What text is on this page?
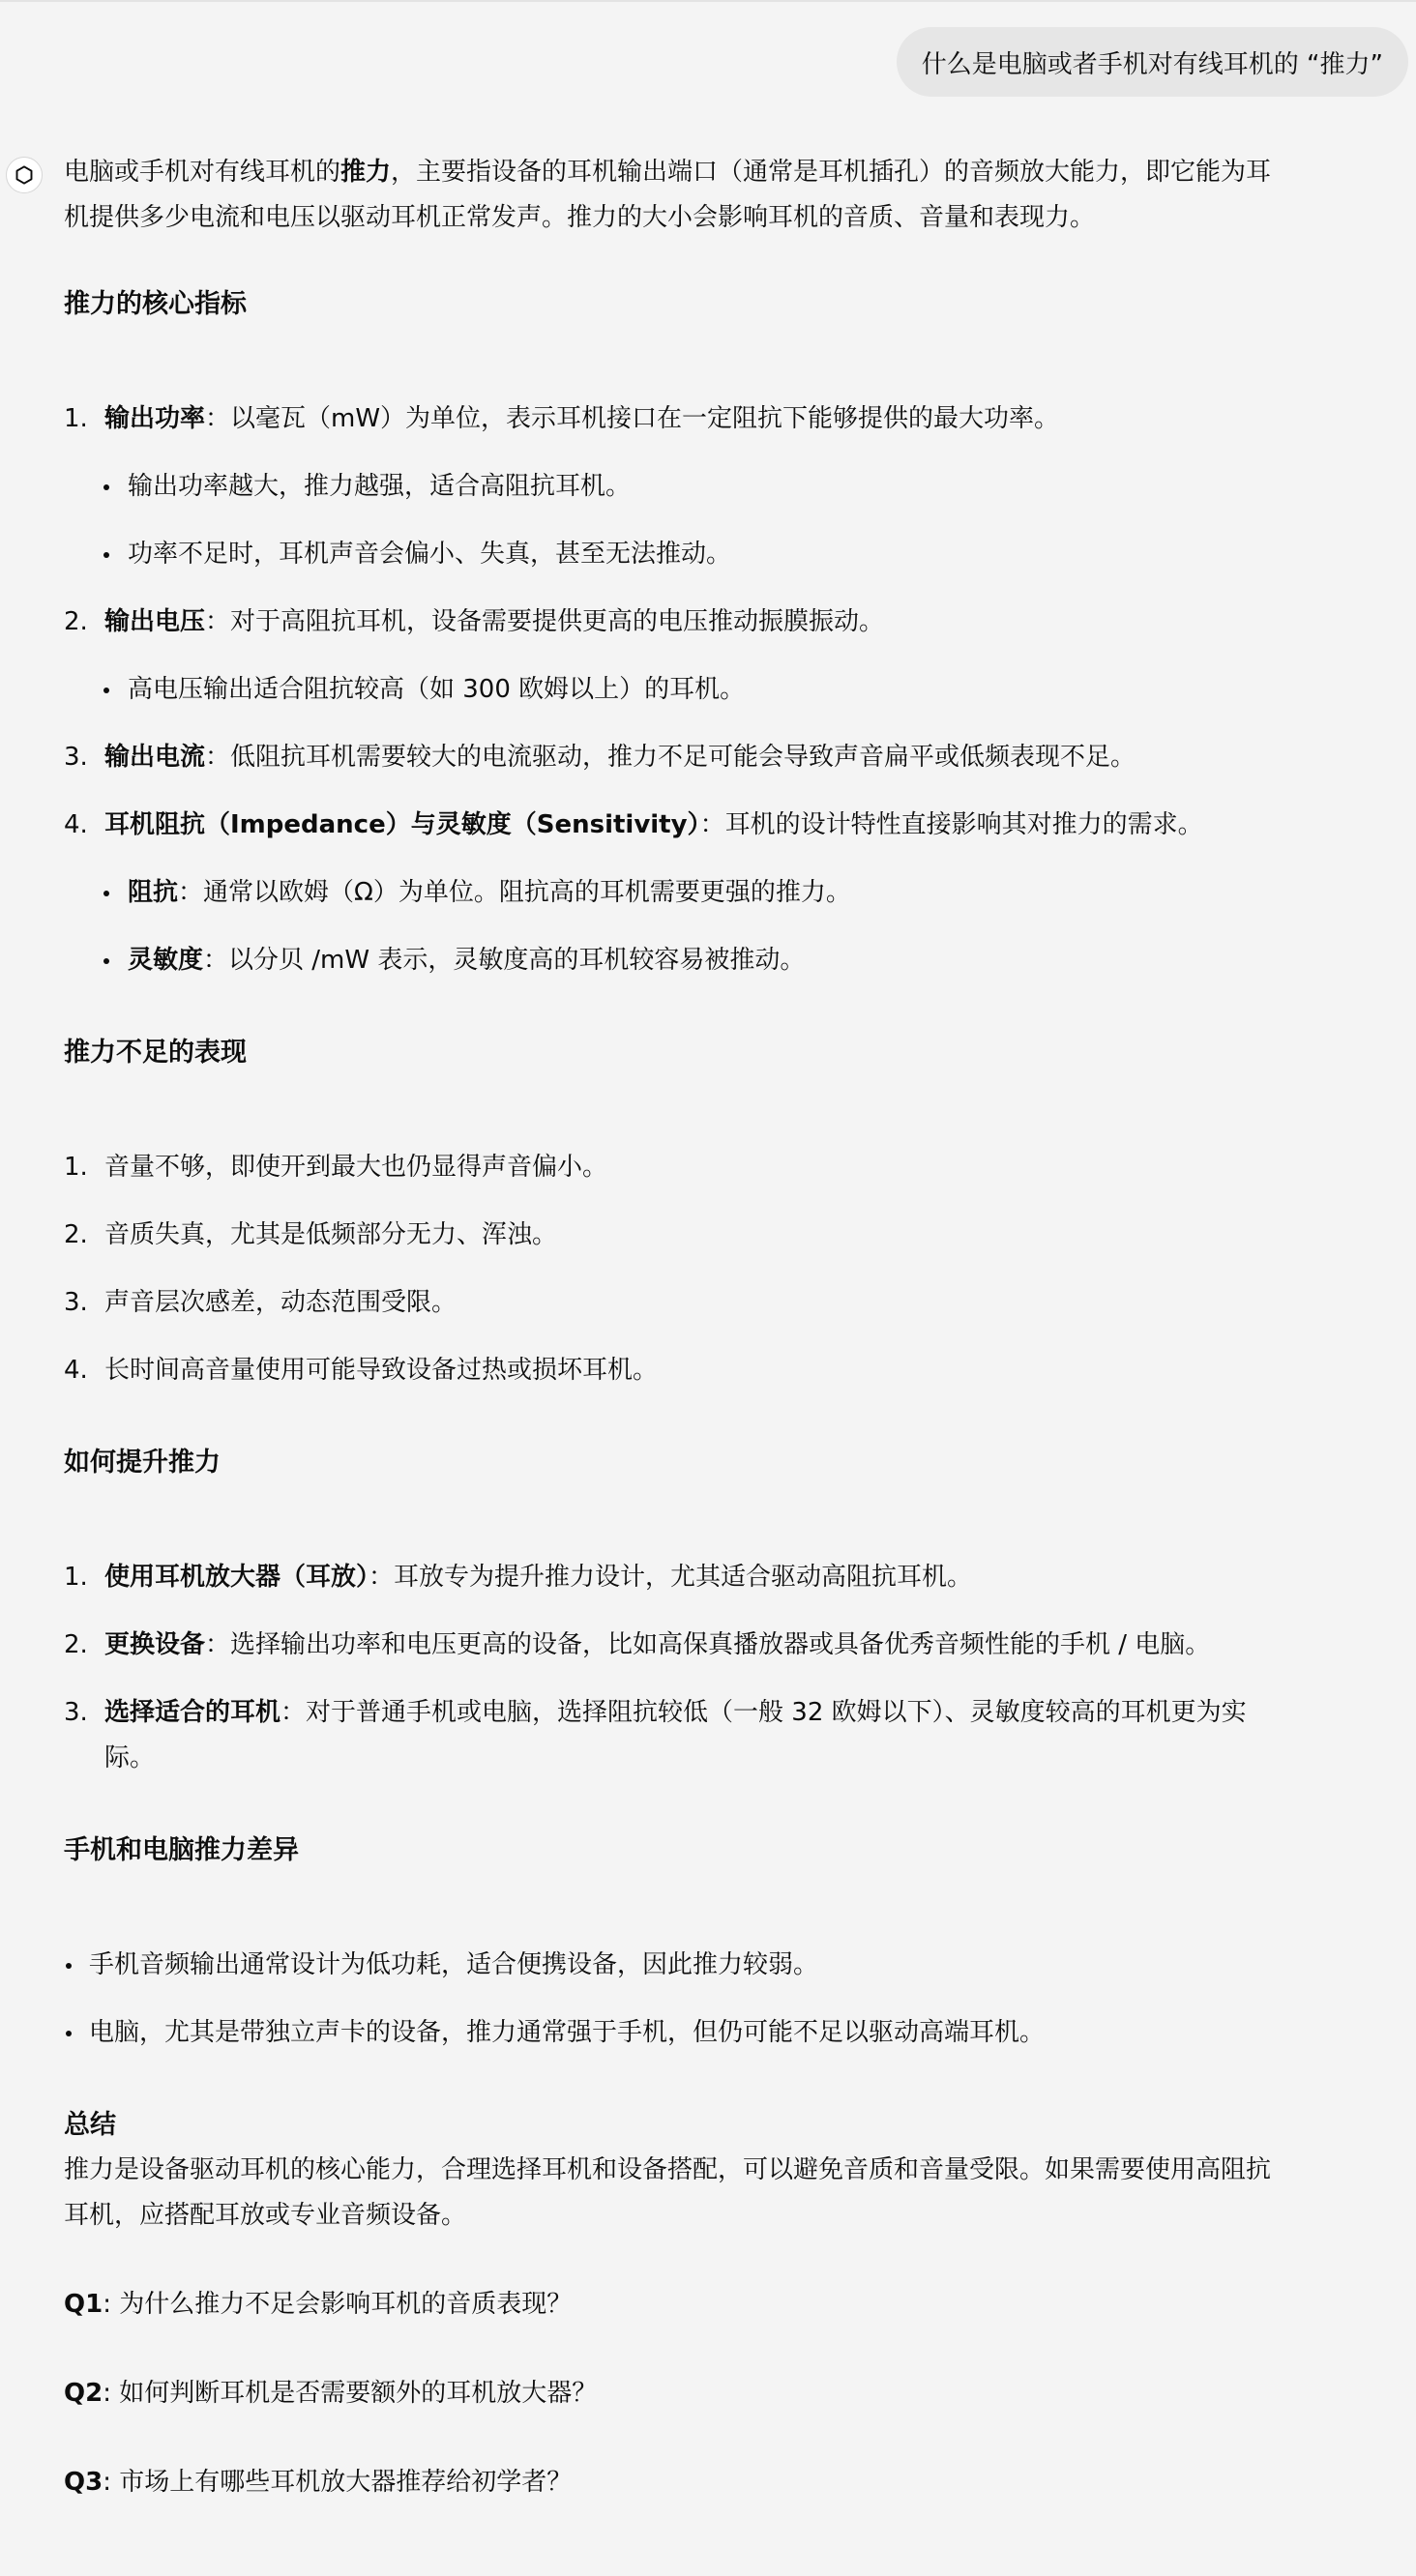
什么是电脑或者手机对有线耳机的 “推力”

电脑或手机对有线耳机的推力，主要指设备的耳机输出端口（通常是耳机插孔）的音频放大能力，即它能为耳
机提供多少电流和电压以驱动耳机正常发声。推力的大小会影响耳机的音质、音量和表现力。

推力的核心指标

1. 输出功率：以毫瓦（mW）为单位，表示耳机接口在一定阻抗下能够提供的最大功率。
输出功率越大，推力越强，适合高阻抗耳机。
功率不足时，耳机声音会偏小、失真，甚至无法推动。
2. 输出电压：对于高阻抗耳机，设备需要提供更高的电压推动振膜振动。
高电压输出适合阻抗较高（如 300 欧姆以上）的耳机。
3. 输出电流：低阻抗耳机需要较大的电流驱动，推力不足可能会导致声音扁平或低频表现不足。
4. 耳机阻抗（Impedance）与灵敏度（Sensitivity）：耳机的设计特性直接影响其对推力的需求。
阻抗：通常以欧姆（Ω）为单位。阻抗高的耳机需要更强的推力。
灵敏度：以分贝 /mW 表示，灵敏度高的耳机较容易被推动。

推力不足的表现

1. 音量不够，即使开到最大也仍显得声音偏小。
2. 音质失真，尤其是低频部分无力、浑浊。
3. 声音层次感差，动态范围受限。
4. 长时间高音量使用可能导致设备过热或损坏耳机。

如何提升推力

1. 使用耳机放大器（耳放）：耳放专为提升推力设计，尤其适合驱动高阻抗耳机。
2. 更换设备：选择输出功率和电压更高的设备，比如高保真播放器或具备优秀音频性能的手机 / 电脑。
3. 选择适合的耳机：对于普通手机或电脑，选择阻抗较低（一般 32 欧姆以下）、灵敏度较高的耳机更为实
际。

手机和电脑推力差异

手机音频输出通常设计为低功耗，适合便携设备，因此推力较弱。
电脑，尤其是带独立声卡的设备，推力通常强于手机，但仍可能不足以驱动高端耳机。

总结

推力是设备驱动耳机的核心能力，合理选择耳机和设备搭配，可以避免音质和音量受限。如果需要使用高阻抗
耳机，应搭配耳放或专业音频设备。

Q1: 为什么推力不足会影响耳机的音质表现？

Q2: 如何判断耳机是否需要额外的耳机放大器？

Q3: 市场上有哪些耳机放大器推荐给初学者？
